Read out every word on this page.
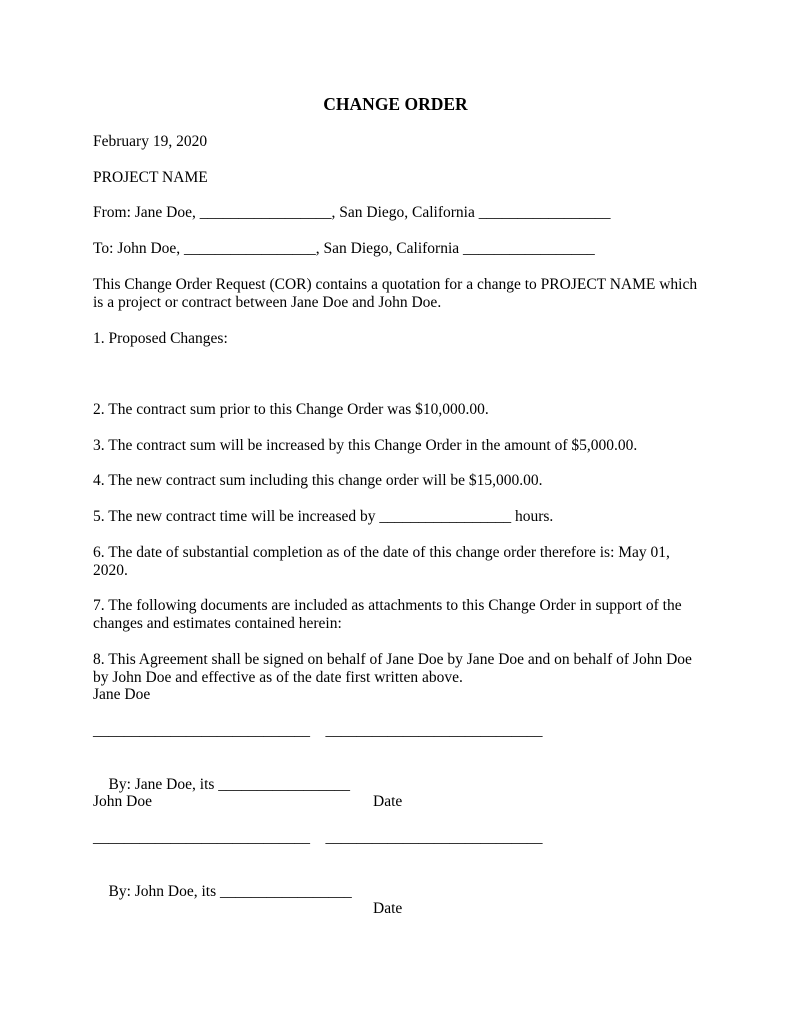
CHANGE ORDER
February 19, 2020
PROJECT NAME
From: Jane Doe, _________________, San Diego, California _________________
To: John Doe, _________________, San Diego, California _________________
This Change Order Request (COR) contains a quotation for a change to PROJECT NAME which is a project or contract between Jane Doe and John Doe.
1. Proposed Changes:
2. The contract sum prior to this Change Order was $10,000.00.
3. The contract sum will be increased by this Change Order in the amount of $5,000.00.
4. The new contract sum including this change order will be $15,000.00.
5. The new contract time will be increased by _________________ hours.
6. The date of substantial completion as of the date of this change order therefore is: May 01, 2020.
7. The following documents are included as attachments to this Change Order in support of the changes and estimates contained herein:
8. This Agreement shall be signed on behalf of Jane Doe by Jane Doe and on behalf of John Doe by John Doe and effective as of the date first written above.
Jane Doe
____________________________    ____________________________

By: Jane Doe, its _________________

Date

John Doe
____________________________    ____________________________

By: John Doe, its _________________

Date
